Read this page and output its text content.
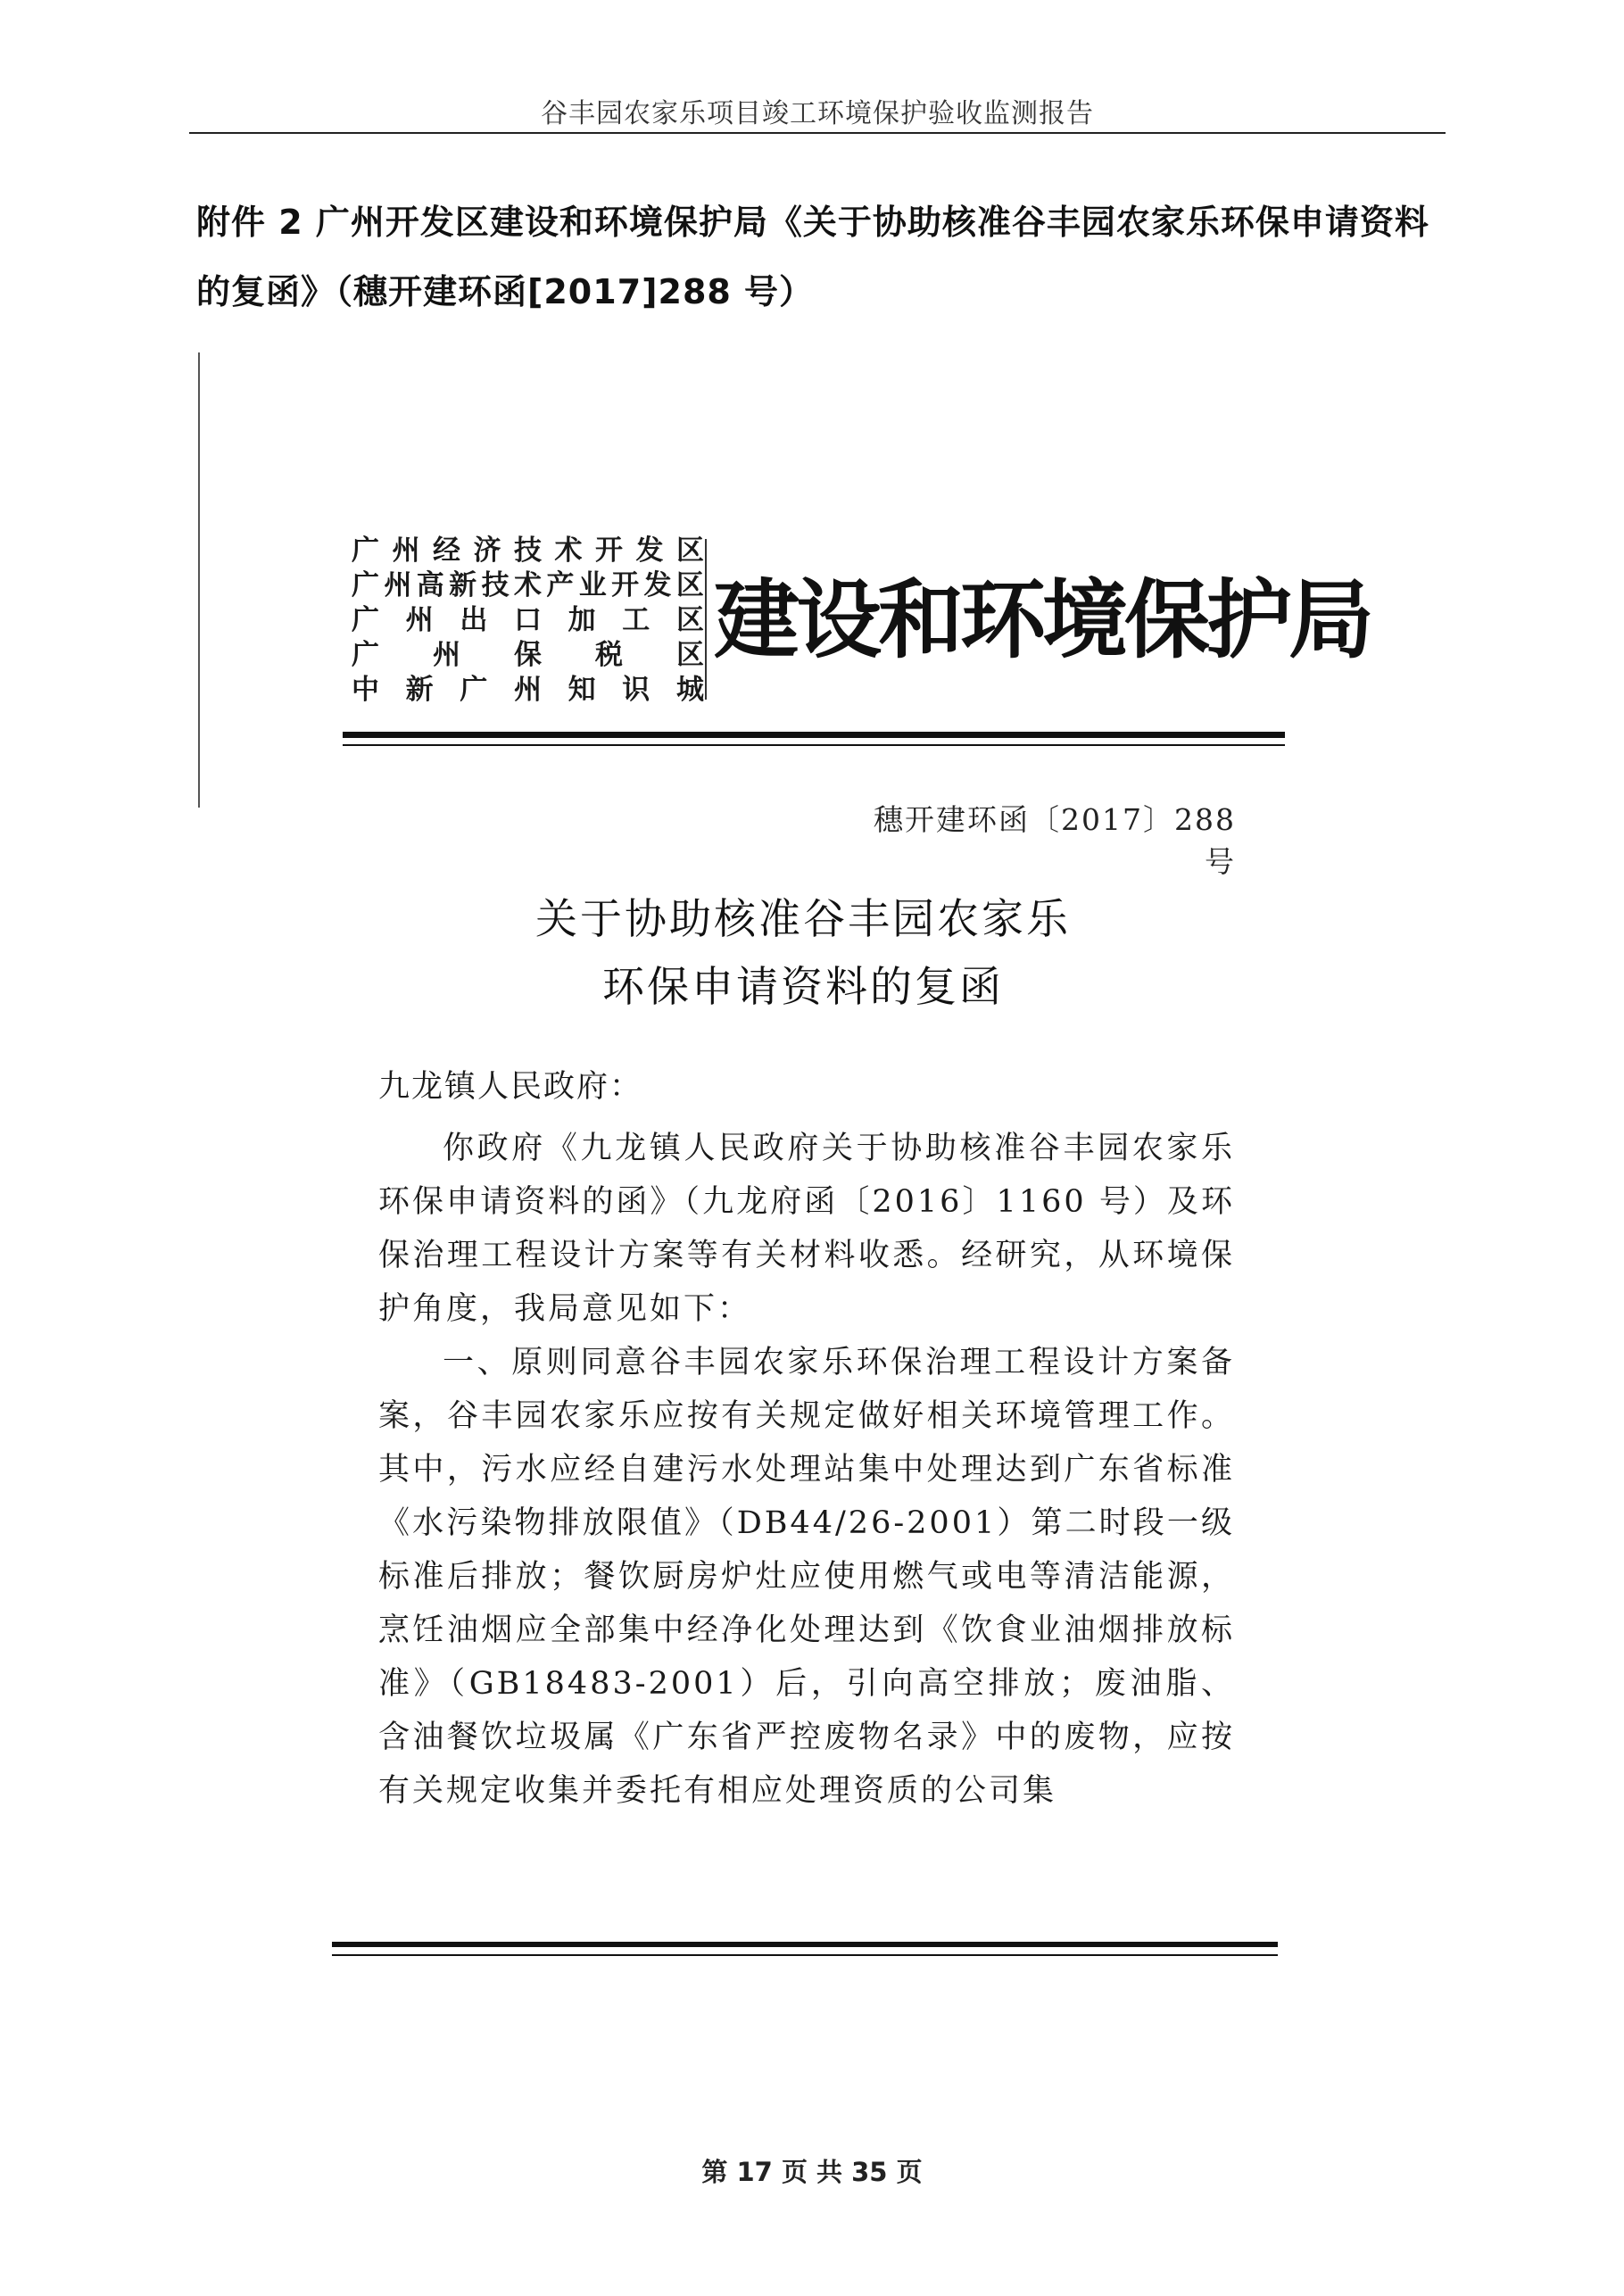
谷丰园农家乐项目竣工环境保护验收监测报告
附件 2 广州开发区建设和环境保护局《关于协助核准谷丰园农家乐环保申请资料的复函》（穗开建环函[2017]288 号）
广 州 经 济 技 术 开 发 区
广 州 高 新 技 术 产 业 开 发 区
广 州 出 口 加 工 区
广 州 保 税 区
中 新 广 州 知 识 城
建设和环境保护局
穗开建环函〔2017〕288 号
关于协助核准谷丰园农家乐
环保申请资料的复函
九龙镇人民政府：

你政府《九龙镇人民政府关于协助核准谷丰园农家乐环保申请资料的函》（九龙府函〔2016〕1160 号）及环保治理工程设计方案等有关材料收悉。经研究，从环境保护角度，我局意见如下：

一、原则同意谷丰园农家乐环保治理工程设计方案备案，谷丰园农家乐应按有关规定做好相关环境管理工作。其中，污水应经自建污水处理站集中处理达到广东省标准《水污染物排放限值》（DB44/26-2001）第二时段一级标准后排放；餐饮厨房炉灶应使用燃气或电等清洁能源，烹饪油烟应全部集中经净化处理达到《饮食业油烟排放标准》（GB18483-2001）后，引向高空排放；废油脂、含油餐饮垃圾属《广东省严控废物名录》中的废物，应按有关规定收集并委托有相应处理资质的公司集

第 17 页 共 35 页
